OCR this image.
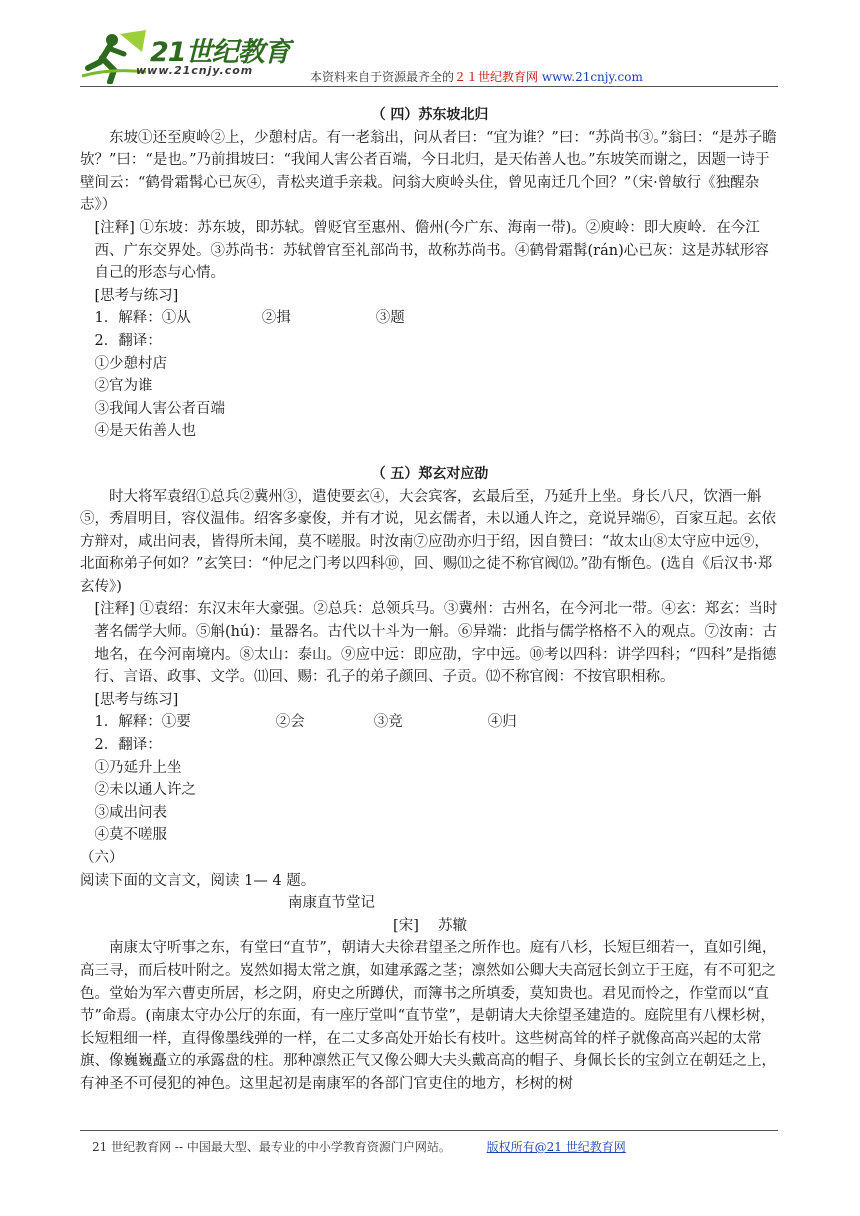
21世纪教育
www.21cnjy.com	本资料来自于资源最齐全的２１世纪教育网 www.21cnjy.com

（ 四）苏东坡北归

东坡①还至庾岭②上，少憩村店。有一老翁出，问从者曰：“宜为谁？”曰：“苏尚书③。”翁曰：“是苏子瞻欤？”曰：“是也。”乃前揖坡曰：“我闻人害公者百端，今日北归，是天佑善人也。”东坡笑而谢之，因题一诗于壁间云：“鹤骨霜髯心已灰④，青松夹道手亲栽。问翁大庾岭头住，曾见南迁几个回？”（宋·曾敏行《独醒杂志》）

[注释] ①东坡：苏东坡，即苏轼。曾贬官至惠州、儋州(今广东、海南一带)。②庾岭：即大庾岭．在今江西、广东交界处。③苏尚书：苏轼曾官至礼部尚书，故称苏尚书。④鹤骨霜髯(rán)心已灰：这是苏轼形容自己的形态与心情。

[思考与练习]

1．解释： ①从	②揖	③题

2．翻译：

①少憩村店

②官为谁

③我闻人害公者百端

④是天佑善人也

（ 五）郑玄对应劭

时大将军袁绍①总兵②冀州③，遣使要玄④，大会宾客，玄最后至，乃延升上坐。身长八尺，饮酒一斛⑤，秀眉明目，容仪温伟。绍客多豪俊，并有才说，见玄儒者，未以通人许之，竞说异端⑥，百家互起。玄依方辩对，咸出问表，皆得所未闻，莫不嗟服。时汝南⑦应劭亦归于绍，因自赞曰：“故太山⑧太守应中远⑨，北面称弟子何如？”玄笑曰：“仲尼之门考以四科⑩，回、赐⑾之徒不称官阀⑿。”劭有惭色。(选自《后汉书·郑玄传》)

[注释] ①袁绍：东汉末年大豪强。②总兵：总领兵马。③冀州：古州名，在今河北一带。④玄：郑玄：当时著名儒学大师。⑤斛(hú)：量器名。古代以十斗为一斛。⑥异端：此指与儒学格格不入的观点。⑦汝南：古地名，在今河南境内。⑧太山：泰山。⑨应中远：即应劭，字中远。⑩考以四科：讲学四科；“四科”是指德行、言语、政事、文学。⑾回、赐：孔子的弟子颜回、子贡。⑿不称官阀：不按官职相称。

[思考与练习]

1．解释： ①要	②会	③竞	④归

2．翻译：

①乃延升上坐

②未以通人许之

③咸出问表

④莫不嗟服

（六）

阅读下面的文言文，阅读 1— 4 题。

南康直节堂记

[宋]　 苏辙

南康太守听事之东，有堂曰“直节”，朝请大夫徐君望圣之所作也。庭有八杉，长短巨细若一，直如引绳，高三寻，而后枝叶附之。岌然如揭太常之旗，如建承露之茎；凛然如公卿大夫高冠长剑立于王庭，有不可犯之色。堂始为军六曹吏所居，杉之阴，府史之所蹲伏，而簿书之所填委，莫知贵也。君见而怜之，作堂而以“直节”命焉。(南康太守办公厅的东面，有一座厅堂叫“直节堂”，是朝请大夫徐望圣建造的。庭院里有八棵杉树，长短粗细一样，直得像墨线弹的一样，在二丈多高处开始长有枝叶。这些树高耸的样子就像高高兴起的太常旗、像巍巍矗立的承露盘的柱。那种凛然正气又像公卿大夫头戴高高的帽子、身佩长长的宝剑立在朝廷之上，有神圣不可侵犯的神色。这里起初是南康军的各部门官吏住的地方，杉树的树

21 世纪教育网 -- 中国最大型、最专业的中小学教育资源门户网站。	版权所有@21 世纪教育网
